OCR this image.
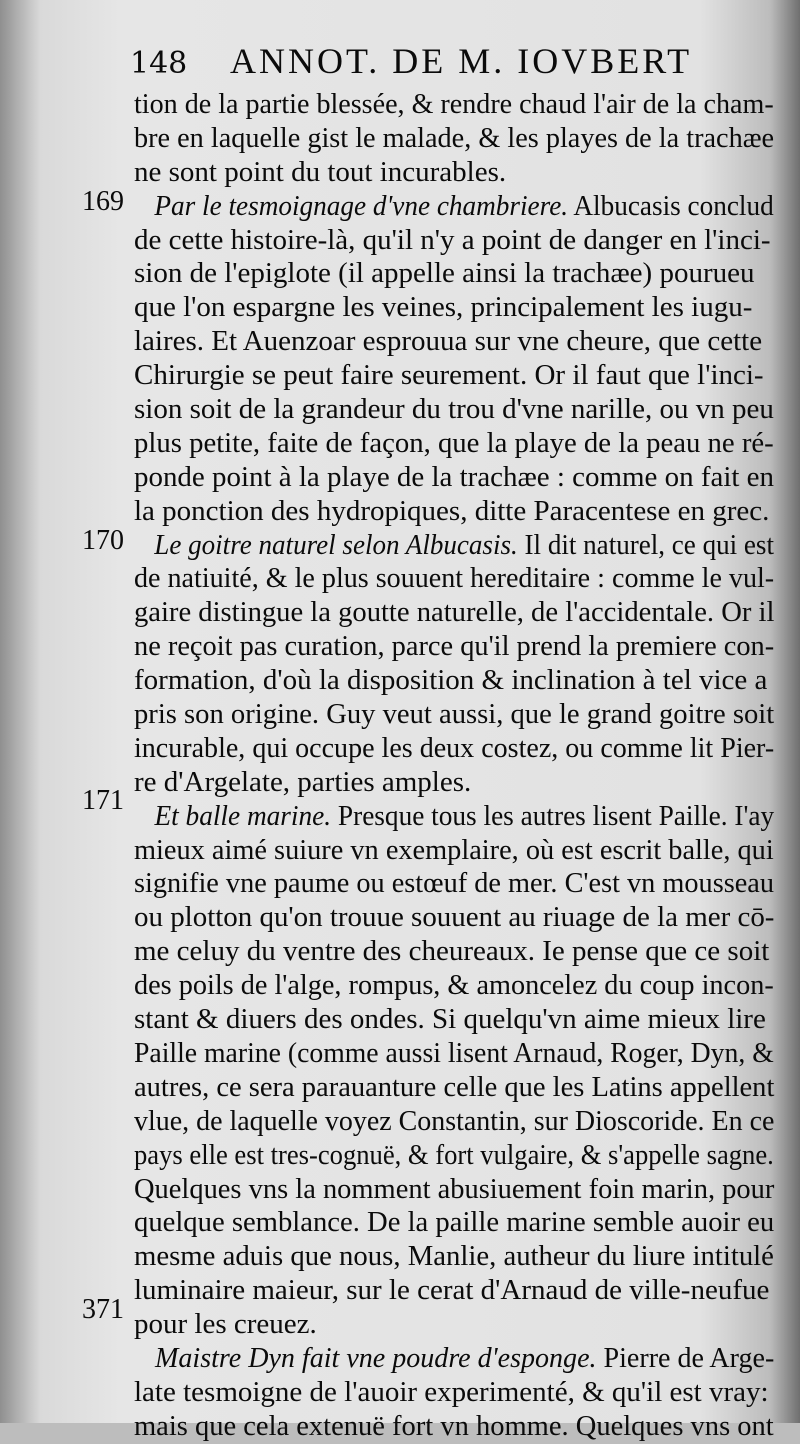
148	ANNOT. DE M. IOVBERT
169
170
171
371
tion de la partie blessée, & rendre chaud l'air de la cham-
bre en laquelle gist le malade, & les playes de la trachæe
ne sont point du tout incurables.
Par le tesmoignage d'vne chambriere. Albucasis conclud
de cette histoire-là, qu'il n'y a point de danger en l'inci-
sion de l'epiglote (il appelle ainsi la trachæe) pourueu
que l'on espargne les veines, principalement les iugu-
laires. Et Auenzoar esprouua sur vne cheure, que cette
Chirurgie se peut faire seurement. Or il faut que l'inci-
sion soit de la grandeur du trou d'vne narille, ou vn peu
plus petite, faite de façon, que la playe de la peau ne ré-
ponde point à la playe de la trachæe : comme on fait en
la ponction des hydropiques, ditte Paracentese en grec.
Le goitre naturel selon Albucasis. Il dit naturel, ce qui est
de natiuité, & le plus souuent hereditaire : comme le vul-
gaire distingue la goutte naturelle, de l'accidentale. Or il
ne reçoit pas curation, parce qu'il prend la premiere con-
formation, d'où la disposition & inclination à tel vice a
pris son origine. Guy veut aussi, que le grand goitre soit
incurable, qui occupe les deux costez, ou comme lit Pier-
re d'Argelate, parties amples.
Et balle marine. Presque tous les autres lisent Paille. I'ay
mieux aimé suiure vn exemplaire, où est escrit balle, qui
signifie vne paume ou estœuf de mer. C'est vn mousseau
ou plotton qu'on trouue souuent au riuage de la mer cō-
me celuy du ventre des cheureaux. Ie pense que ce soit
des poils de l'alge, rompus, & amoncelez du coup incon-
stant & diuers des ondes. Si quelqu'vn aime mieux lire
Paille marine (comme aussi lisent Arnaud, Roger, Dyn, &
autres, ce sera parauanture celle que les Latins appellent
vlue, de laquelle voyez Constantin, sur Dioscoride. En ce
pays elle est tres-cognuë, & fort vulgaire, & s'appelle sagne.
Quelques vns la nomment abusiuement foin marin, pour
quelque semblance. De la paille marine semble auoir eu
mesme aduis que nous, Manlie, autheur du liure intitulé
luminaire maieur, sur le cerat d'Arnaud de ville-neufue
pour les creuez.
Maistre Dyn fait vne poudre d'esponge. Pierre de Arge-
late tesmoigne de l'auoir experimenté, & qu'il est vray:
mais que cela extenuë fort vn homme. Quelques vns ont
